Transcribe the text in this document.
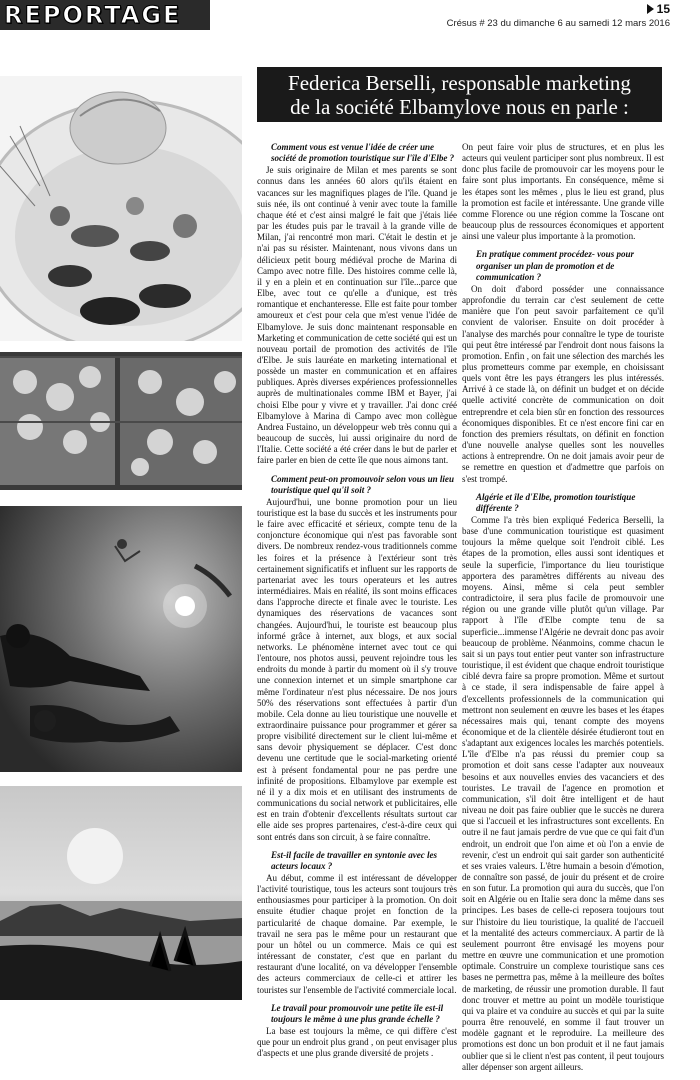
REPORTAGE	15
Crésus # 23 du dimanche 6 au samedi 12 mars 2016
Federica Berselli, responsable marketing
de la société Elbamylove nous en parle :
Comment vous est venue l'idée de créer une société de promotion touristique sur l'île d'Elbe ?
Je suis originaire de Milan et mes parents se sont connus dans les années 60 alors qu'ils étaient en vacances sur les magnifiques plages de l'île. Quand je suis née, ils ont continué à venir avec toute la famille chaque été et c'est ainsi malgré le fait que j'étais liée par les études puis par le travail à la grande ville de Milan, j'ai rencontré mon mari. C'était le destin et je n'ai pas su résister. Maintenant, nous vivons dans un délicieux petit bourg médiéval proche de Marina di Campo avec notre fille. Des histoires comme celle là, il y en a plein et en continuation sur l'île...parce que Elbe, avec tout ce qu'elle a d'unique, est très romantique et enchanteresse. Elle est faite pour tomber amoureux et c'est pour cela que m'est venue l'idée de Elbamylove. Je suis donc maintenant responsable en Marketing et communication de cette société qui est un nouveau portail de promotion des activités de l'île d'Elbe. Je suis lauréate en marketing international et possède un master en communication et en affaires publiques. Après diverses expériences professionnelles auprès de multinationales comme IBM et Bayer, j'ai choisi Elbe pour y vivre et y travailler. J'ai donc créé Elbamylove à Marina di Campo avec mon collègue Andrea Fustaino, un développeur web très connu qui a beaucoup de succès, lui aussi originaire du nord de l'Italie. Cette société a été créer dans le but de parler et faire parler en bien de cette île que nous aimons tant.
Comment peut-on promouvoir selon vous un lieu touristique quel qu'il soit ?
Aujourd'hui, une bonne promotion pour un lieu touristique est la base du succès et les instruments pour le faire avec efficacité et sérieux, compte tenu de la conjoncture économique qui n'est pas favorable sont divers. De nombreux rendez-vous traditionnels comme les foires et la présence à l'extérieur sont très certainement significatifs et influent sur les rapports de partenariat avec les tours operateurs et les autres intermédiaires. Mais en réalité, ils sont moins efficaces dans l'approche directe et finale avec le touriste. Les dynamiques des réservations de vacances sont changées. Aujourd'hui, le touriste est beaucoup plus informé grâce à internet, aux blogs, et aux social networks. Le phénomène internet avec tout ce qui l'entoure, nos photos aussi, peuvent rejoindre tous les endroits du monde à partir du moment où il s'y trouve une connexion internet et un simple smartphone car même l'ordinateur n'est plus nécessaire. De nos jours 50% des réservations sont effectuées à partir d'un mobile. Cela donne au lieu touristique une nouvelle et extraordinaire puissance pour programmer et gérer sa propre visibilité directement sur le client lui-même et sans devoir physiquement se déplacer. C'est donc devenu une certitude que le social-marketing orienté est à présent fondamental pour ne pas perdre une infinité de propositions. Elbamylove par exemple est né il y a dix mois et en utilisant des instruments de communications du social network et publicitaires, elle est en train d'obtenir d'excellents résultats surtout car elle aide ses propres partenaires, c'est-à-dire ceux qui sont entrés dans son circuit, à se faire connaître.
Est-il facile de travailler en syntonie avec les acteurs locaux ?
Au début, comme il est intéressant de développer l'activité touristique, tous les acteurs sont toujours très enthousiasmes pour participer à la promotion. On doit ensuite étudier chaque projet en fonction de la particularité de chaque domaine. Par exemple, le travail ne sera pas le même pour un restaurant que pour un hôtel ou un commerce. Mais ce qui est intéressant de constater, c'est que en parlant du restaurant d'une localité, on va développer l'ensemble des acteurs commerciaux de celle-ci et attirer les touristes sur l'ensemble de l'activité commerciale local.
Le travail pour promouvoir une petite île est-il toujours le même à une plus grande échelle ?
La base est toujours la même, ce qui diffère c'est que pour un endroit plus grand , on peut envisager plus d'aspects et une plus grande diversité de projets .
On peut faire voir plus de structures, et en plus les acteurs qui veulent participer sont plus nombreux. Il est donc plus facile de promouvoir car les moyens pour le faire sont plus importants. En conséquence, même si les étapes sont les mêmes , plus le lieu est grand, plus la promotion est facile et intéressante. Une grande ville comme Florence ou une région comme la Toscane ont beaucoup plus de ressources économiques et apportent ainsi une valeur plus importante à la promotion.
En pratique comment procédez- vous pour organiser un plan de promotion et de communication ?
On doit d'abord posséder une connaissance approfondie du terrain car c'est seulement de cette manière que l'on peut savoir parfaitement ce qu'il convient de valoriser. Ensuite on doit procéder à l'analyse des marchés pour connaître le type de touriste qui peut être intéressé par l'endroit dont nous faisons la promotion. Enfin , on fait une sélection des marchés les plus prometteurs comme par exemple, en choisissant quels vont être les pays étrangers les plus intéressés. Arrivé à ce stade là, on définit un budget et on décide quelle activité concrète de communication on doit entreprendre et cela bien sûr en fonction des ressources économiques disponibles. Et ce n'est encore fini car en fonction des premiers résultats, on définit en fonction d'une nouvelle analyse quelles sont les nouvelles actions à entreprendre. On ne doit jamais avoir peur de se remettre en question et d'admettre que parfois on s'est trompé.
Algérie et île d'Elbe, promotion touristique différente ?
Comme l'a très bien expliqué Federica Berselli, la base d'une communication touristique est quasiment toujours la même quelque soit l'endroit ciblé. Les étapes de la promotion, elles aussi sont identiques et seule la superficie, l'importance du lieu touristique apportera des paramètres différents au niveau des moyens. Ainsi, même si cela peut sembler contradictoire, il sera plus facile de promouvoir une région ou une grande ville plutôt qu'un village. Par rapport à l'île d'Elbe compte tenu de sa superficie...immense l'Algérie ne devrait donc pas avoir beaucoup de problème. Néanmoins, comme chacun le sait si un pays tout entier peut vanter son infrastructure touristique, il est évident que chaque endroit touristique ciblé devra faire sa propre promotion. Même et surtout à ce stade, il sera indispensable de faire appel à d'excellents professionnels de la communication qui mettront non seulement en œuvre les bases et les étapes nécessaires mais qui, tenant compte des moyens économique et de la clientèle désirée étudieront tout en s'adaptant aux exigences locales les marchés potentiels. L'île d'Elbe n'a pas réussi du premier coup sa promotion et doit sans cesse l'adapter aux nouveaux besoins et aux nouvelles envies des vacanciers et des touristes. Le travail de l'agence en promotion et communication, s'il doit être intelligent et de haut niveau ne doit pas faire oublier que le succès ne durera que si l'accueil et les infrastructures sont excellents. En outre il ne faut jamais perdre de vue que ce qui fait d'un endroit, un endroit que l'on aime et où l'on a envie de revenir, c'est un endroit qui sait garder son authenticité et ses vraies valeurs. L'être humain a besoin d'émotion, de connaître son passé, de jouir du présent et de croire en son futur. La promotion qui aura du succès, que l'on soit en Algérie ou en Italie sera donc la même dans ses principes. Les bases de celle-ci reposera toujours tout sur l'histoire du lieu touristique, la qualité de l'accueil et la mentalité des acteurs commerciaux. A partir de là seulement pourront être envisagé les moyens pour mettre en œuvre une communication et une promotion optimale. Construire un complexe touristique sans ces bases ne permettra pas, même à la meilleure des boîtes de marketing, de réussir une promotion durable. Il faut donc trouver et mettre au point un modèle touristique qui va plaire et va conduire au succès et qui par la suite pourra être renouvelé, en somme il faut trouver un modèle gagnant et le reproduire. La meilleure des promotions est donc un bon produit et il ne faut jamais oublier que si le client n'est pas content, il peut toujours aller dépenser son argent ailleurs.
